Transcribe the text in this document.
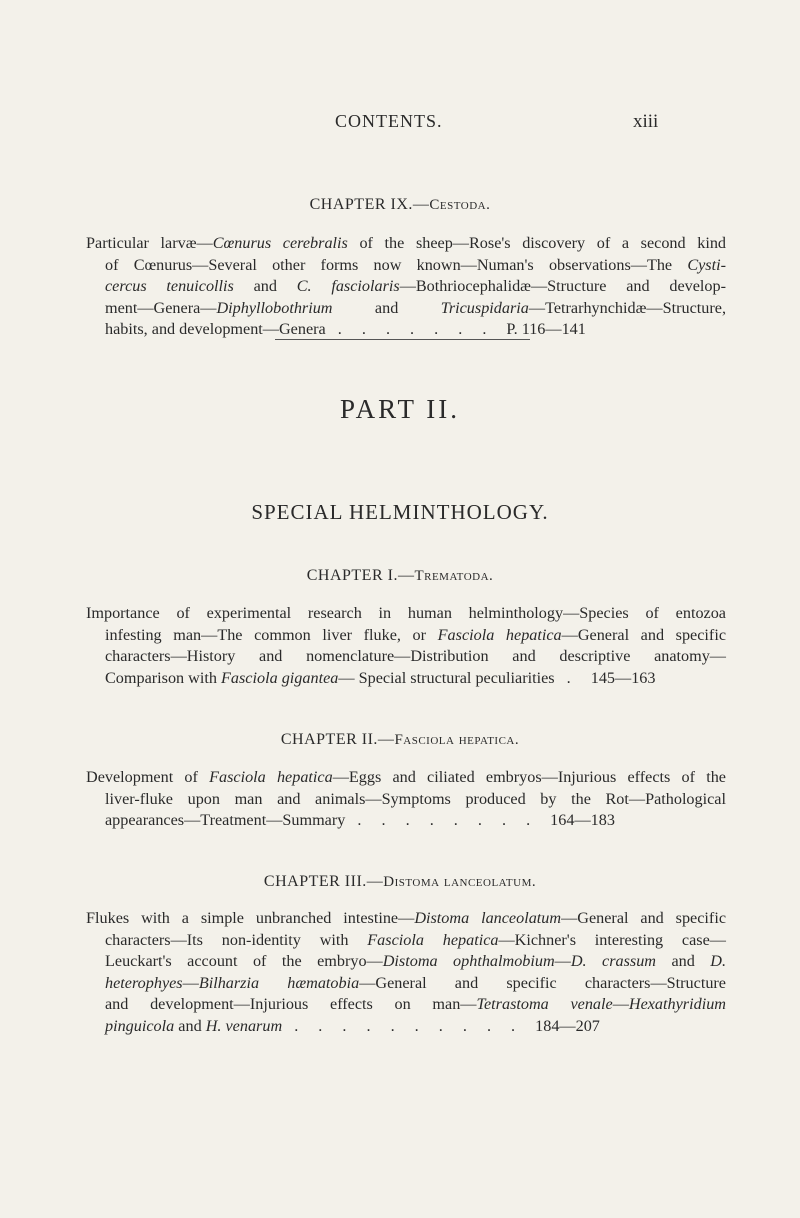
CONTENTS.	xiii
CHAPTER IX.—Cestoda.
Particular larvæ—Cœnurus cerebralis of the sheep—Rose's discovery of a second kind
of Cœnurus—Several other forms now known—Numan's observations—The Cysti-
cercus tenuicollis and C. fasciolaris—Bothriocephalidæ—Structure and develop-
ment—Genera—Diphyllobothrium and Tricuspidaria—Tetrarhynchidæ—Structure,
habits, and development—Genera . . . . . . . P. 116—141
PART II.
SPECIAL HELMINTHOLOGY.
CHAPTER I.—Trematoda.
Importance of experimental research in human helminthology—Species of entozoa
infesting man—The common liver fluke, or Fasciola hepatica—General and specific
characters—History and nomenclature—Distribution and descriptive anatomy—
Comparison with Fasciola gigantea— Special structural peculiarities . 145—163
CHAPTER II.—Fasciola hepatica.
Development of Fasciola hepatica—Eggs and ciliated embryos—Injurious effects of the
liver-fluke upon man and animals—Symptoms produced by the Rot—Pathological
appearances—Treatment—Summary . . . . . . . . 164—183
CHAPTER III.—Distoma lanceolatum.
Flukes with a simple unbranched intestine—Distoma lanceolatum—General and specific
characters—Its non-identity with Fasciola hepatica—Kichner's interesting case—
Leuckart's account of the embryo—Distoma ophthalmobium—D. crassum and D.
heterophyes—Bilharzia hæmatobia—General and specific characters—Structure
and development—Injurious effects on man—Tetrastoma venale—Hexathyridium
pinguicola and H. venarum . . . . . . . . . . 184—207
